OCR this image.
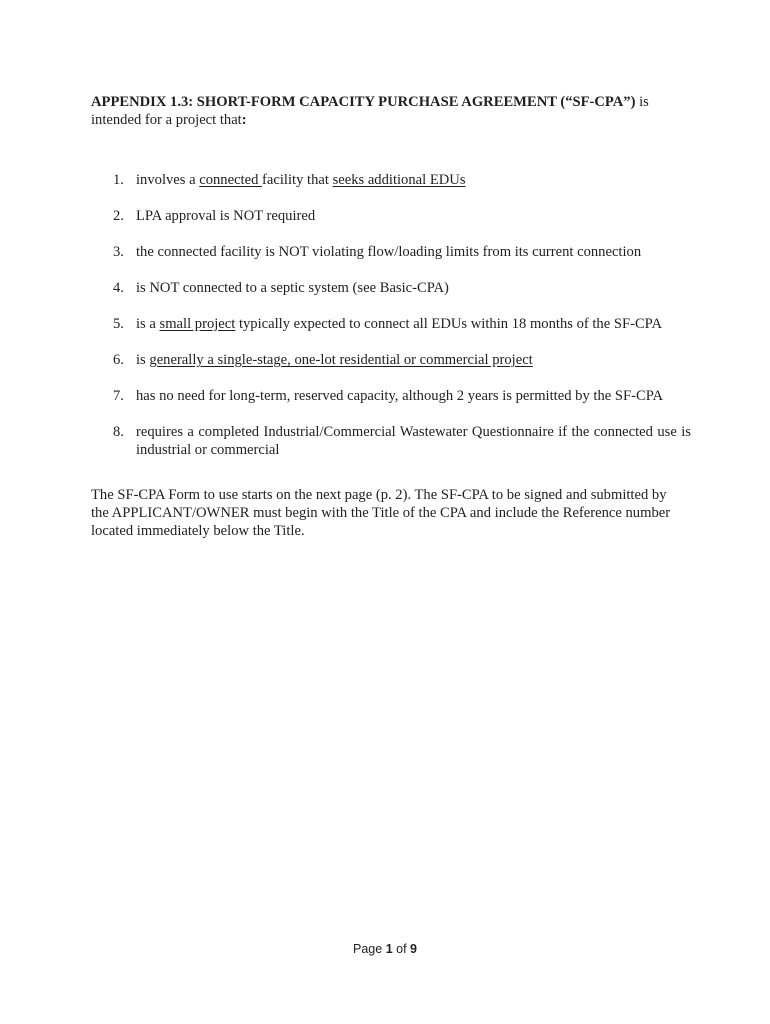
APPENDIX 1.3: SHORT-FORM CAPACITY PURCHASE AGREEMENT (“SF-CPA”) is intended for a project that:
1. involves a connected facility that seeks additional EDUs
2. LPA approval is NOT required
3. the connected facility is NOT violating flow/loading limits from its current connection
4. is NOT connected to a septic system (see Basic-CPA)
5. is a small project typically expected to connect all EDUs within 18 months of the SF-CPA
6. is generally a single-stage, one-lot residential or commercial project
7. has no need for long-term, reserved capacity, although 2 years is permitted by the SF-CPA
8. requires a completed Industrial/Commercial Wastewater Questionnaire if the connected use is industrial or commercial
The SF-CPA Form to use starts on the next page (p. 2). The SF-CPA to be signed and submitted by the APPLICANT/OWNER must begin with the Title of the CPA and include the Reference number located immediately below the Title.
Page 1 of 9
